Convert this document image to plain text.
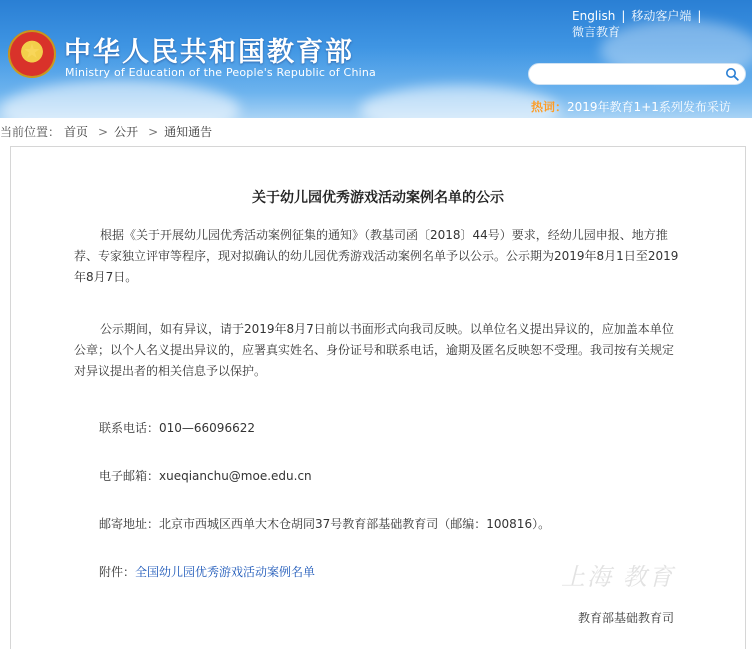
★
中华人民共和国教育部
Ministry of Education of the People's Republic of China
English | 移动客户端 |
微言教育
热词：2019年教育1+1系列发布采访
当前位置： 首页 > 公开 > 通知通告
关于幼儿园优秀游戏活动案例名单的公示
根据《关于开展幼儿园优秀活动案例征集的通知》（教基司函〔2018〕44号）要求，经幼儿园申报、地方推
荐、专家独立评审等程序，现对拟确认的幼儿园优秀游戏活动案例名单予以公示。公示期为2019年8月1日至2019
年8月7日。
公示期间，如有异议，请于2019年8月7日前以书面形式向我司反映。以单位名义提出异议的，应加盖本单位
公章；以个人名义提出异议的，应署真实姓名、身份证号和联系电话，逾期及匿名反映恕不受理。我司按有关规定
对异议提出者的相关信息予以保护。
联系电话：010—66096622
电子邮箱：xueqianchu@moe.edu.cn
邮寄地址：北京市西城区西单大木仓胡同37号教育部基础教育司（邮编：100816）。
附件：全国幼儿园优秀游戏活动案例名单	上海 教育
教育部基础教育司
